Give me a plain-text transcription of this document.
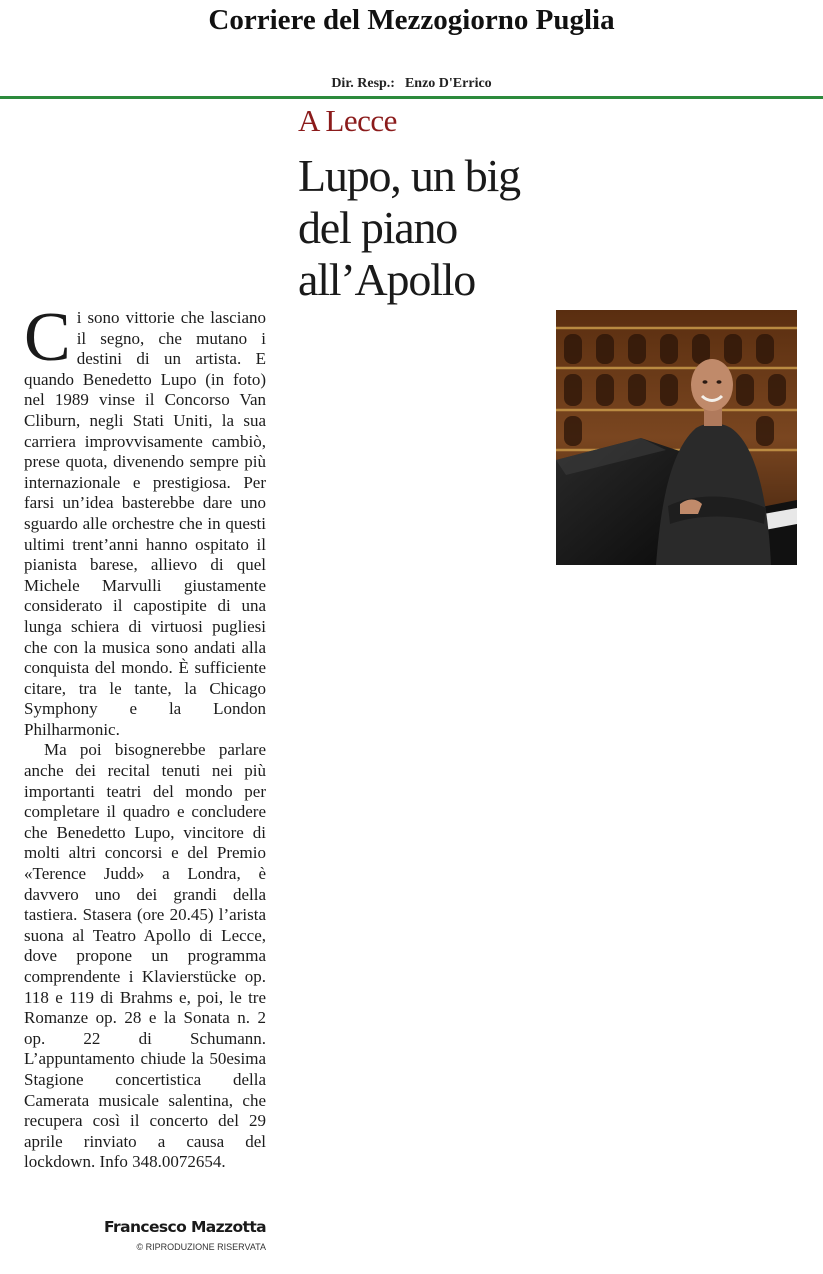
Corriere del Mezzogiorno Puglia
Dir. Resp.: Enzo D'Errico
A Lecce
Lupo, un big
del piano
all’Apollo

Ci sono vittorie che lasciano il segno, che mutano i destini di un artista. E quando Benedetto Lupo (in foto) nel 1989 vinse il Concorso Van Cliburn, negli Stati Uniti, la sua carriera improvvisamente cambiò, prese quota, divenendo sempre più internazionale e prestigiosa. Per farsi un’idea basterebbe dare uno sguardo alle orchestre che in questi ultimi trent’anni hanno ospitato il pianista barese, allievo di quel Michele Marvulli giustamente considerato il capostipite di una lunga schiera di virtuosi pugliesi che con la musica sono andati alla conquista del mondo. È sufficiente citare, tra le tante, la Chicago Symphony e la London Philharmonic.

Ma poi bisognerebbe parlare anche dei recital tenuti nei più importanti teatri del mondo per completare il quadro e concludere che Benedetto Lupo, vincitore di molti altri concorsi e del Premio «Terence Judd» a Londra, è davvero uno dei grandi della tastiera. Stasera (ore 20.45) l’arista suona al Teatro Apollo di Lecce, dove propone un programma comprendente i Klavierstücke op. 118 e 119 di Brahms e, poi, le tre Romanze op. 28 e la Sonata n. 2 op. 22 di Schumann. L’appuntamento chiude la 50esima Stagione concertistica della Camerata musicale salentina, che recupera così il concerto del 29 aprile rinviato a causa del lockdown. Info 348.0072654.

Francesco Mazzotta
© RIPRODUZIONE RISERVATA
